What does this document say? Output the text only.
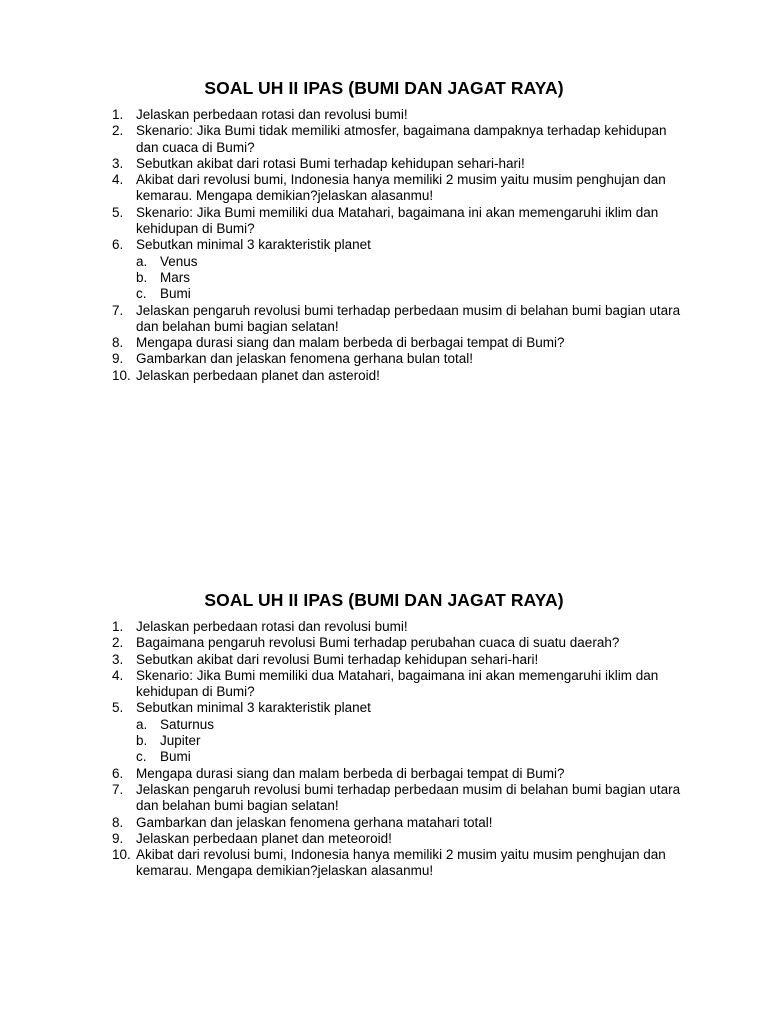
SOAL UH II IPAS (BUMI DAN JAGAT RAYA)
1. Jelaskan perbedaan rotasi dan revolusi bumi!
2. Skenario: Jika Bumi tidak memiliki atmosfer, bagaimana dampaknya terhadap kehidupan dan cuaca di Bumi?
3. Sebutkan akibat dari rotasi Bumi terhadap kehidupan sehari-hari!
4. Akibat dari revolusi bumi, Indonesia hanya memiliki 2 musim yaitu musim penghujan dan kemarau. Mengapa demikian?jelaskan alasanmu!
5. Skenario: Jika Bumi memiliki dua Matahari, bagaimana ini akan memengaruhi iklim dan kehidupan di Bumi?
6. Sebutkan minimal 3 karakteristik planet
a. Venus
b. Mars
c. Bumi
7. Jelaskan pengaruh revolusi bumi terhadap perbedaan musim di belahan bumi bagian utara dan belahan bumi bagian selatan!
8. Mengapa durasi siang dan malam berbeda di berbagai tempat di Bumi?
9. Gambarkan dan jelaskan fenomena gerhana bulan total!
10. Jelaskan perbedaan planet dan asteroid!
SOAL UH II IPAS (BUMI DAN JAGAT RAYA)
1. Jelaskan perbedaan rotasi dan revolusi bumi!
2. Bagaimana pengaruh revolusi Bumi terhadap perubahan cuaca di suatu daerah?
3. Sebutkan akibat dari revolusi Bumi terhadap kehidupan sehari-hari!
4. Skenario: Jika Bumi memiliki dua Matahari, bagaimana ini akan memengaruhi iklim dan kehidupan di Bumi?
5. Sebutkan minimal 3 karakteristik planet
a. Saturnus
b. Jupiter
c. Bumi
6. Mengapa durasi siang dan malam berbeda di berbagai tempat di Bumi?
7. Jelaskan pengaruh revolusi bumi terhadap perbedaan musim di belahan bumi bagian utara dan belahan bumi bagian selatan!
8. Gambarkan dan jelaskan fenomena gerhana matahari total!
9. Jelaskan perbedaan planet dan meteoroid!
10. Akibat dari revolusi bumi, Indonesia hanya memiliki 2 musim yaitu musim penghujan dan kemarau. Mengapa demikian?jelaskan alasanmu!
